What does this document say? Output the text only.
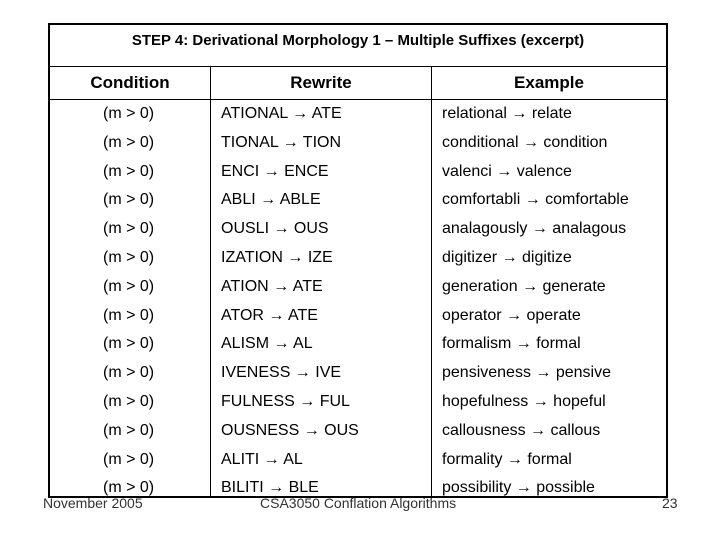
STEP 4: Derivational Morphology 1 – Multiple Suffixes (excerpt)
Condition	Rewrite	Example
(m > 0)	ATIONAL → ATE	relational → relate
(m > 0)	TIONAL → TION	conditional → condition
(m > 0)	ENCI → ENCE	valenci → valence
(m > 0)	ABLI → ABLE	comfortabli → comfortable
(m > 0)	OUSLI → OUS	analagously → analagous
(m > 0)	IZATION → IZE	digitizer → digitize
(m > 0)	ATION → ATE	generation → generate
(m > 0)	ATOR → ATE	operator → operate
(m > 0)	ALISM → AL	formalism → formal
(m > 0)	IVENESS → IVE	pensiveness → pensive
(m > 0)	FULNESS → FUL	hopefulness → hopeful
(m > 0)	OUSNESS → OUS	callousness → callous
(m > 0)	ALITI → AL	formality → formal
(m > 0)	BILITI → BLE	possibility → possible
November 2005	CSA3050 Conflation Algorithms	23
